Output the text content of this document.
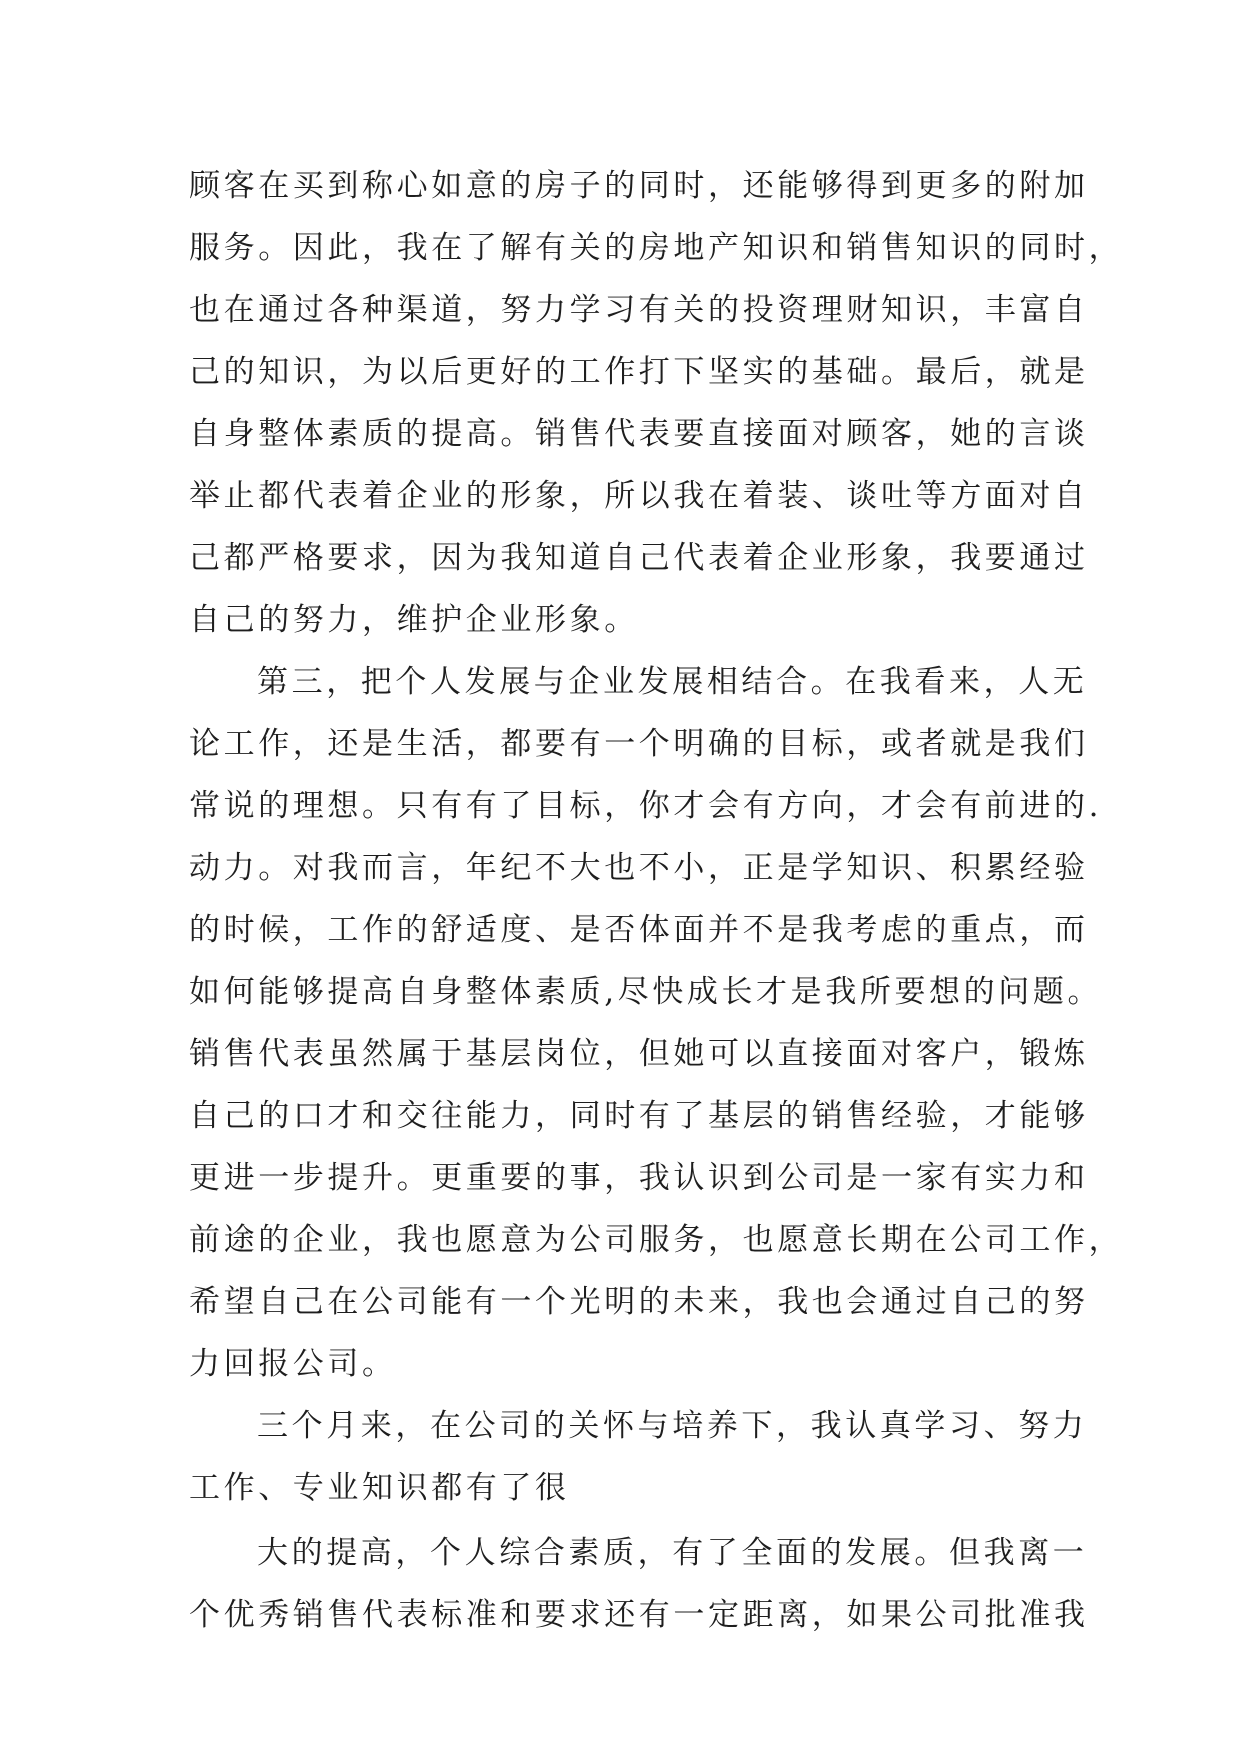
顾客在买到称心如意的房子的同时，还能够得到更多的附加
服务。因此，我在了解有关的房地产知识和销售知识的同时，
也在通过各种渠道，努力学习有关的投资理财知识，丰富自
己的知识，为以后更好的工作打下坚实的基础。最后，就是
自身整体素质的提高。销售代表要直接面对顾客，她的言谈
举止都代表着企业的形象，所以我在着装、谈吐等方面对自
己都严格要求，因为我知道自己代表着企业形象，我要通过
自己的努力，维护企业形象。
第三，把个人发展与企业发展相结合。在我看来，人无
论工作，还是生活，都要有一个明确的目标，或者就是我们
常说的理想。只有有了目标，你才会有方向，才会有前进的.
动力。对我而言，年纪不大也不小，正是学知识、积累经验
的时候，工作的舒适度、是否体面并不是我考虑的重点，而
如何能够提高自身整体素质,尽快成长才是我所要想的问题。
销售代表虽然属于基层岗位，但她可以直接面对客户，锻炼
自己的口才和交往能力，同时有了基层的销售经验，才能够
更进一步提升。更重要的事，我认识到公司是一家有实力和
前途的企业，我也愿意为公司服务，也愿意长期在公司工作，
希望自己在公司能有一个光明的未来，我也会通过自己的努
力回报公司。
三个月来，在公司的关怀与培养下，我认真学习、努力
工作、专业知识都有了很
大的提高，个人综合素质，有了全面的发展。但我离一
个优秀销售代表标准和要求还有一定距离，如果公司批准我
